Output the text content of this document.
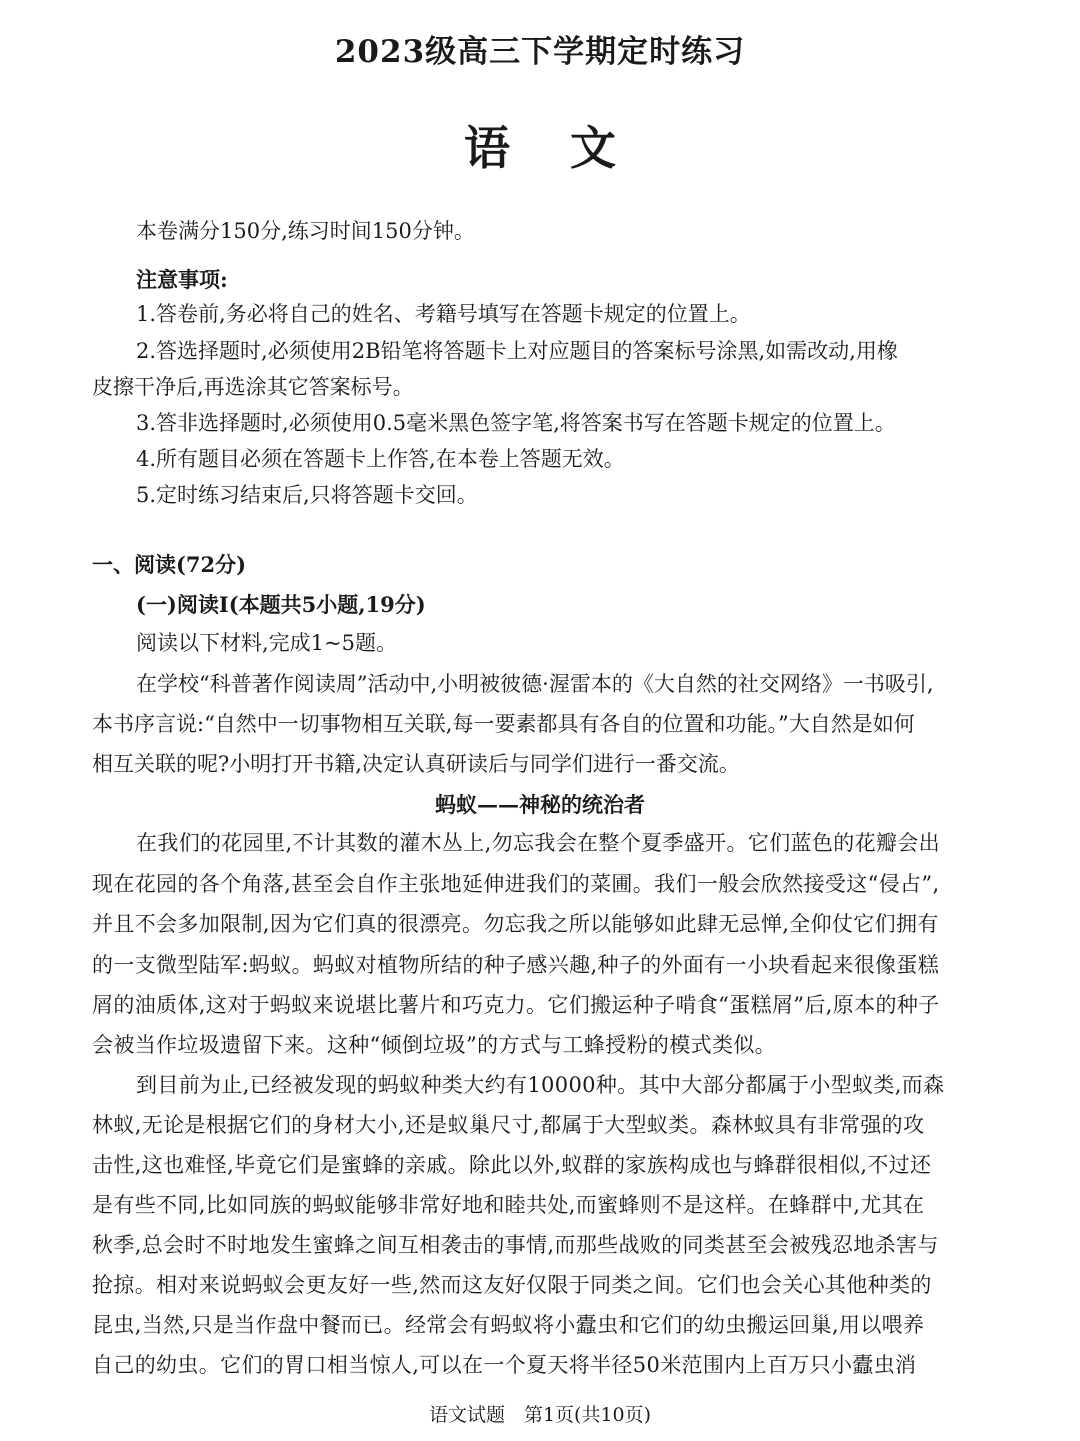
2023级高三下学期定时练习
语文
本卷满分150分,练习时间150分钟。
注意事项:
1.答卷前,务必将自己的姓名、考籍号填写在答题卡规定的位置上。
2.答选择题时,必须使用2B铅笔将答题卡上对应题目的答案标号涂黑,如需改动,用橡
皮擦干净后,再选涂其它答案标号。
3.答非选择题时,必须使用0.5毫米黑色签字笔,将答案书写在答题卡规定的位置上。
4.所有题目必须在答题卡上作答,在本卷上答题无效。
5.定时练习结束后,只将答题卡交回。
一、阅读(72分)
(一)阅读Ⅰ(本题共5小题,19分)
阅读以下材料,完成1~5题。
在学校“科普著作阅读周”活动中,小明被彼德·渥雷本的《大自然的社交网络》一书吸引,
本书序言说:“自然中一切事物相互关联,每一要素都具有各自的位置和功能。”大自然是如何
相互关联的呢?小明打开书籍,决定认真研读后与同学们进行一番交流。
蚂蚁——神秘的统治者
在我们的花园里,不计其数的灌木丛上,勿忘我会在整个夏季盛开。它们蓝色的花瓣会出
现在花园的各个角落,甚至会自作主张地延伸进我们的菜圃。我们一般会欣然接受这“侵占”,
并且不会多加限制,因为它们真的很漂亮。勿忘我之所以能够如此肆无忌惮,全仰仗它们拥有
的一支微型陆军:蚂蚁。蚂蚁对植物所结的种子感兴趣,种子的外面有一小块看起来很像蛋糕
屑的油质体,这对于蚂蚁来说堪比薯片和巧克力。它们搬运种子啃食“蛋糕屑”后,原本的种子
会被当作垃圾遗留下来。这种“倾倒垃圾”的方式与工蜂授粉的模式类似。
到目前为止,已经被发现的蚂蚁种类大约有10000种。其中大部分都属于小型蚁类,而森
林蚁,无论是根据它们的身材大小,还是蚁巢尺寸,都属于大型蚁类。森林蚁具有非常强的攻
击性,这也难怪,毕竟它们是蜜蜂的亲戚。除此以外,蚁群的家族构成也与蜂群很相似,不过还
是有些不同,比如同族的蚂蚁能够非常好地和睦共处,而蜜蜂则不是这样。在蜂群中,尤其在
秋季,总会时不时地发生蜜蜂之间互相袭击的事情,而那些战败的同类甚至会被残忍地杀害与
抢掠。相对来说蚂蚁会更友好一些,然而这友好仅限于同类之间。它们也会关心其他种类的
昆虫,当然,只是当作盘中餐而已。经常会有蚂蚁将小蠹虫和它们的幼虫搬运回巢,用以喂养
自己的幼虫。它们的胃口相当惊人,可以在一个夏天将半径50米范围内上百万只小蠹虫消
语文试题　第1页(共10页)
